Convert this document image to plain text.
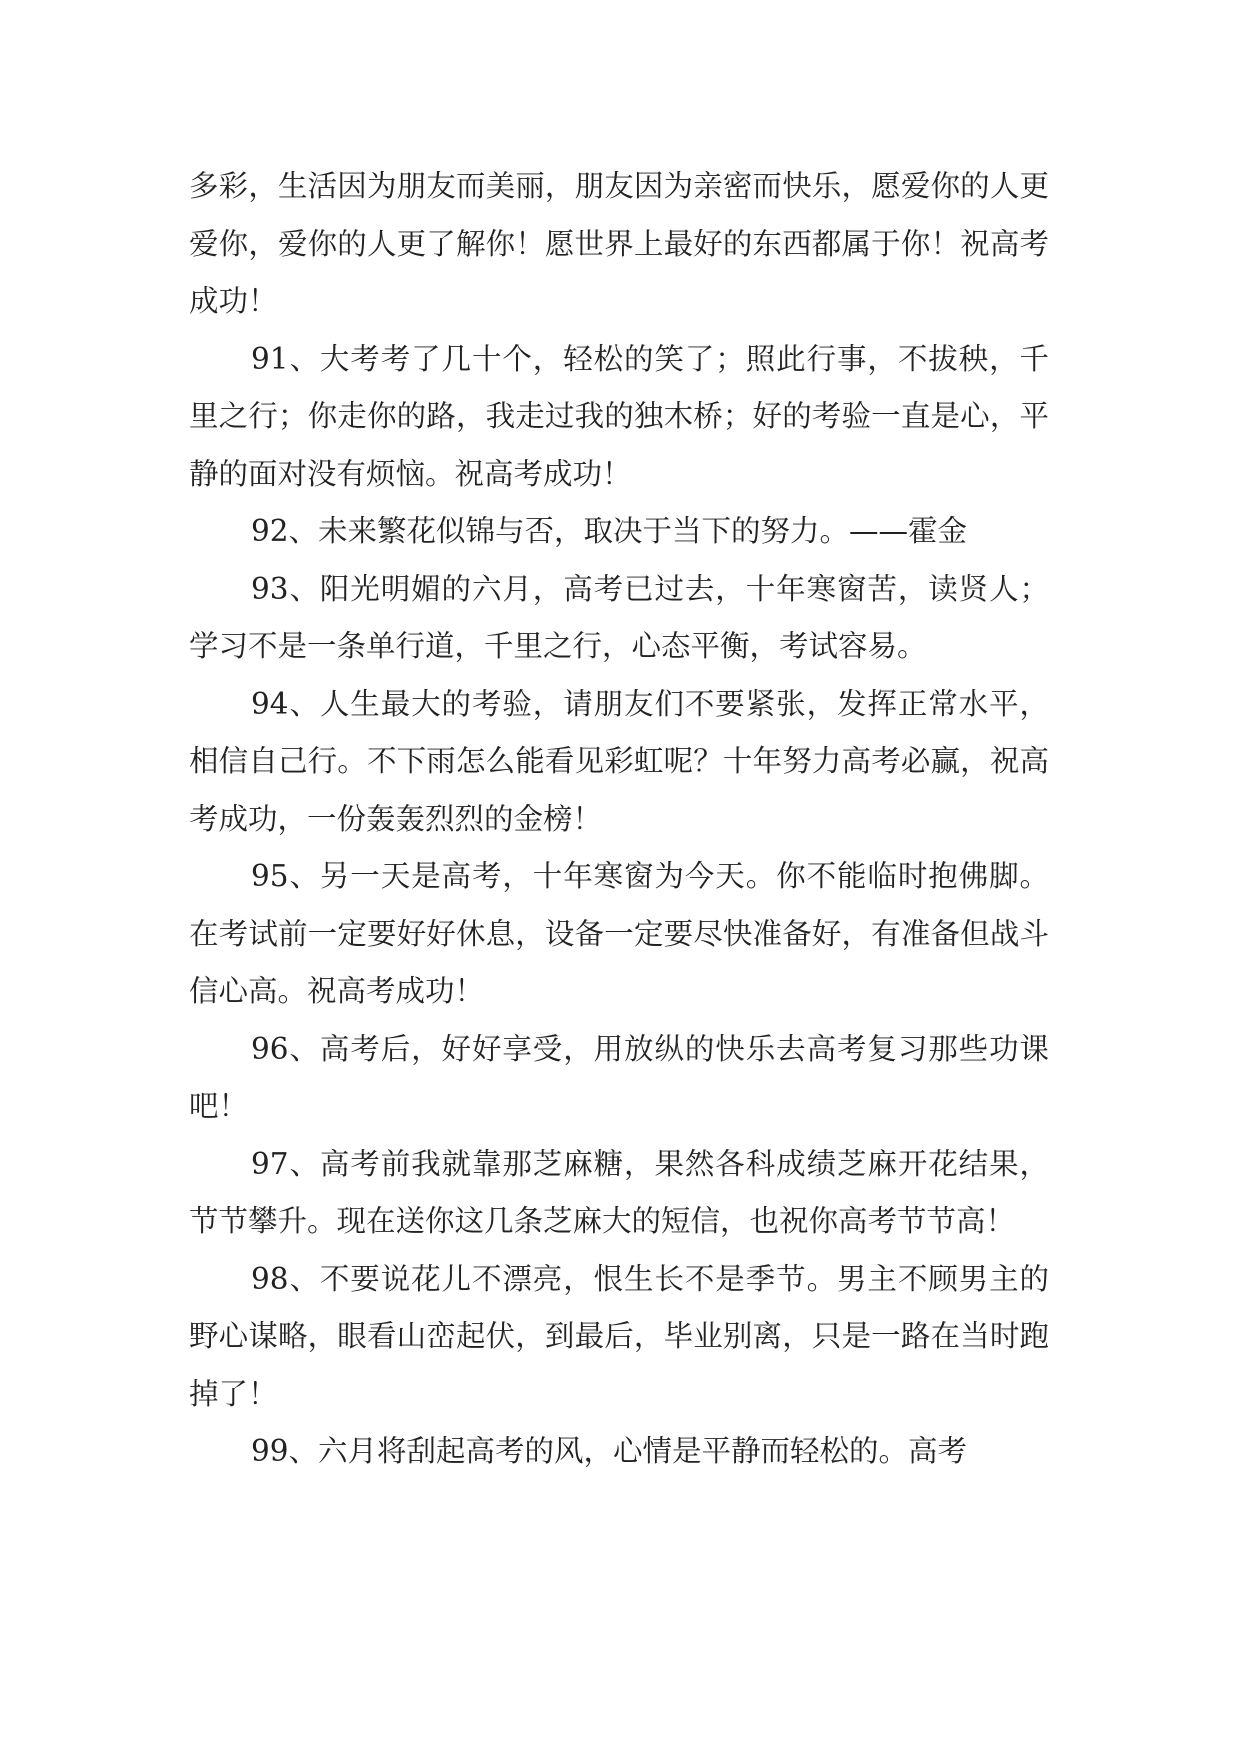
多彩，生活因为朋友而美丽，朋友因为亲密而快乐，愿爱你的人更爱你，爱你的人更了解你！愿世界上最好的东西都属于你！祝高考成功！

91、大考考了几十个，轻松的笑了；照此行事，不拔秧，千里之行；你走你的路，我走过我的独木桥；好的考验一直是心，平静的面对没有烦恼。祝高考成功！

92、未来繁花似锦与否，取决于当下的努力。——霍金

93、阳光明媚的六月，高考已过去，十年寒窗苦，读贤人；学习不是一条单行道，千里之行，心态平衡，考试容易。

94、人生最大的考验，请朋友们不要紧张，发挥正常水平，相信自己行。不下雨怎么能看见彩虹呢？十年努力高考必赢，祝高考成功，一份轰轰烈烈的金榜！

95、另一天是高考，十年寒窗为今天。你不能临时抱佛脚。在考试前一定要好好休息，设备一定要尽快准备好，有准备但战斗信心高。祝高考成功！

96、高考后，好好享受，用放纵的快乐去高考复习那些功课吧！

97、高考前我就靠那芝麻糖，果然各科成绩芝麻开花结果，节节攀升。现在送你这几条芝麻大的短信，也祝你高考节节高！

98、不要说花儿不漂亮，恨生长不是季节。男主不顾男主的野心谋略，眼看山峦起伏，到最后，毕业别离，只是一路在当时跑掉了！

99、六月将刮起高考的风，心情是平静而轻松的。高考
